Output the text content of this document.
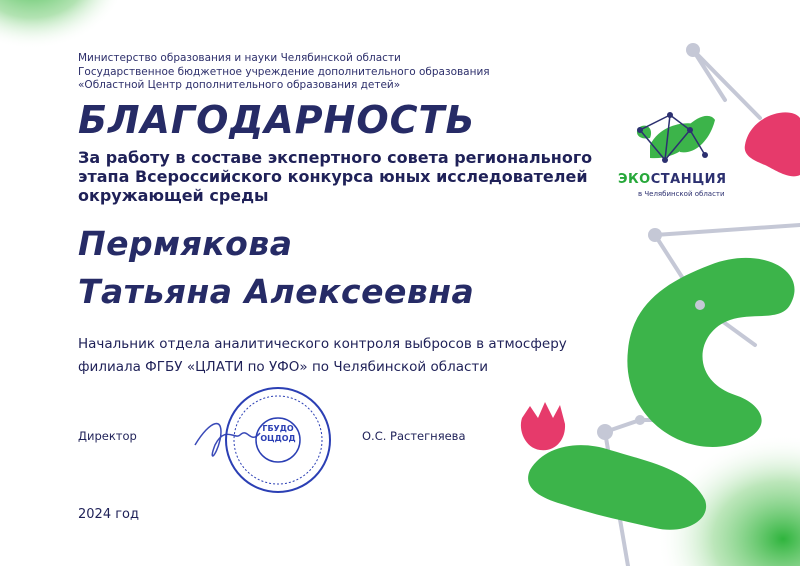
Министерство образования и науки Челябинской области
Государственное бюджетное учреждение дополнительного образования
«Областной Центр дополнительного образования детей»
БЛАГОДАРНОСТЬ
За работу в составе экспертного совета регионального
этапа Всероссийского конкурса юных исследователей
окружающей среды
Пермякова
Татьяна Алексеевна
Начальник отдела аналитического контроля выбросов в атмосферу
филиала ФГБУ «ЦЛАТИ по УФО» по Челябинской области
Директор
ГБУДО
ОЦДОД	О.С. Растегняева
2024 год
ЭКОСТАНЦИЯ
в Челябинской области
